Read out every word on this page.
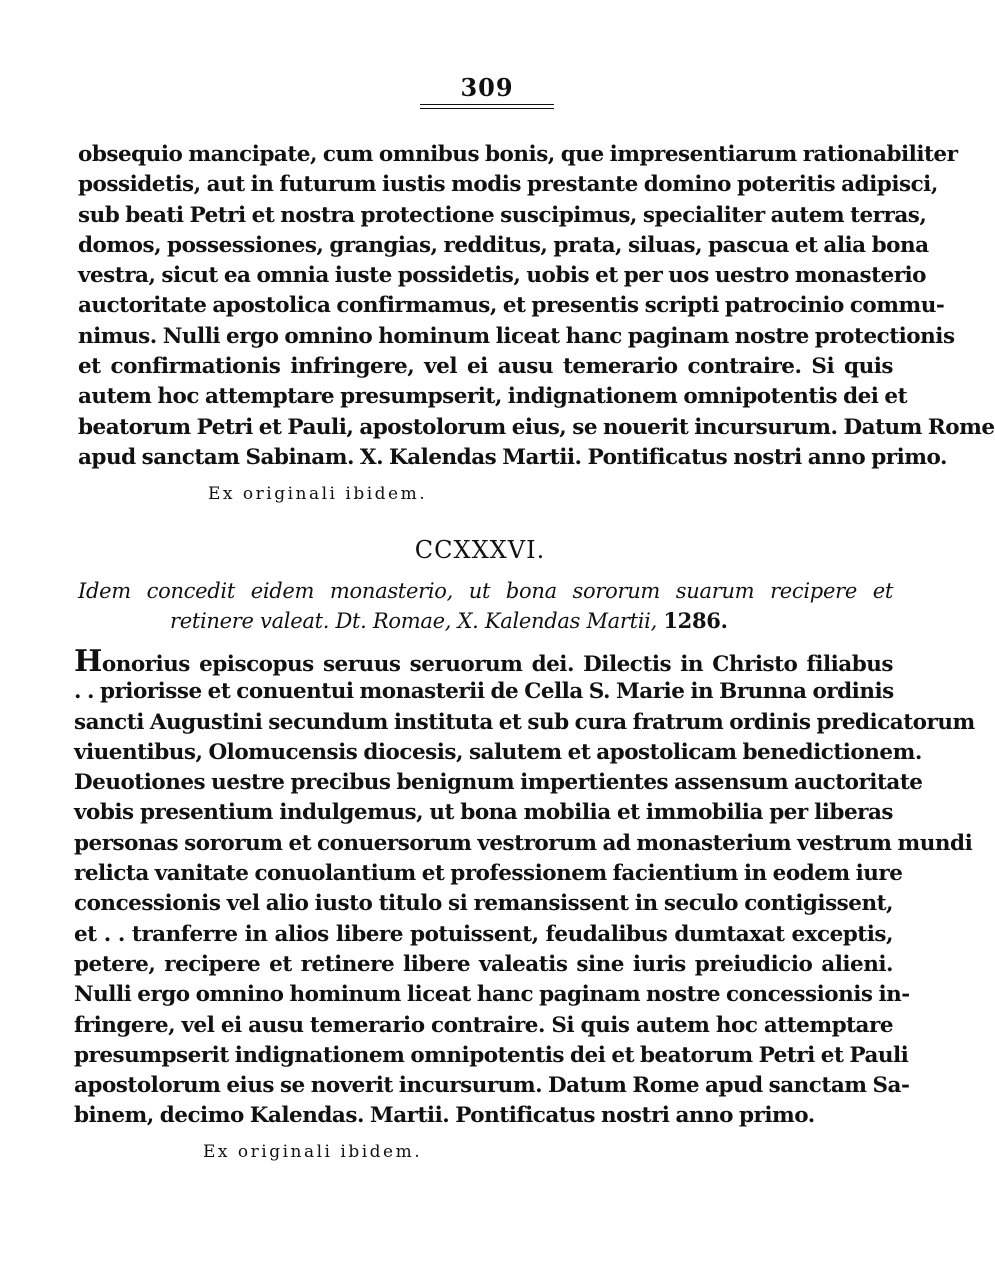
309
obsequio mancipate, cum omnibus bonis, que impresentiarum rationabiliter
possidetis, aut in futurum iustis modis prestante domino poteritis adipisci,
sub beati Petri et nostra protectione suscipimus, specialiter autem terras,
domos, possessiones, grangias, redditus, prata, siluas, pascua et alia bona
vestra, sicut ea omnia iuste possidetis, uobis et per uos uestro monasterio
auctoritate apostolica confirmamus, et presentis scripti patrocinio commu-
nimus. Nulli ergo omnino hominum liceat hanc paginam nostre protectionis
et confirmationis infringere, vel ei ausu temerario contraire. Si quis
autem hoc attemptare presumpserit, indignationem omnipotentis dei et
beatorum Petri et Pauli, apostolorum eius, se nouerit incursurum. Datum Rome
apud sanctam Sabinam. X. Kalendas Martii. Pontificatus nostri anno primo.
Ex originali ibidem.
CCXXXVI.
Idem concedit eidem monasterio, ut bona sororum suarum recipere et
retinere valeat. Dt. Romae, X. Kalendas Martii, 1286.
Honorius episcopus seruus seruorum dei. Dilectis in Christo filiabus
. . priorisse et conuentui monasterii de Cella S. Marie in Brunna ordinis
sancti Augustini secundum instituta et sub cura fratrum ordinis predicatorum
viuentibus, Olomucensis diocesis, salutem et apostolicam benedictionem.
Deuotiones uestre precibus benignum impertientes assensum auctoritate
vobis presentium indulgemus, ut bona mobilia et immobilia per liberas
personas sororum et conuersorum vestrorum ad monasterium vestrum mundi
relicta vanitate conuolantium et professionem facientium in eodem iure
concessionis vel alio iusto titulo si remansissent in seculo contigissent,
et . . tranferre in alios libere potuissent, feudalibus dumtaxat exceptis,
petere, recipere et retinere libere valeatis sine iuris preiudicio alieni.
Nulli ergo omnino hominum liceat hanc paginam nostre concessionis in-
fringere, vel ei ausu temerario contraire. Si quis autem hoc attemptare
presumpserit indignationem omnipotentis dei et beatorum Petri et Pauli
apostolorum eius se noverit incursurum. Datum Rome apud sanctam Sa-
binem, decimo Kalendas. Martii. Pontificatus nostri anno primo.
Ex originali ibidem.
